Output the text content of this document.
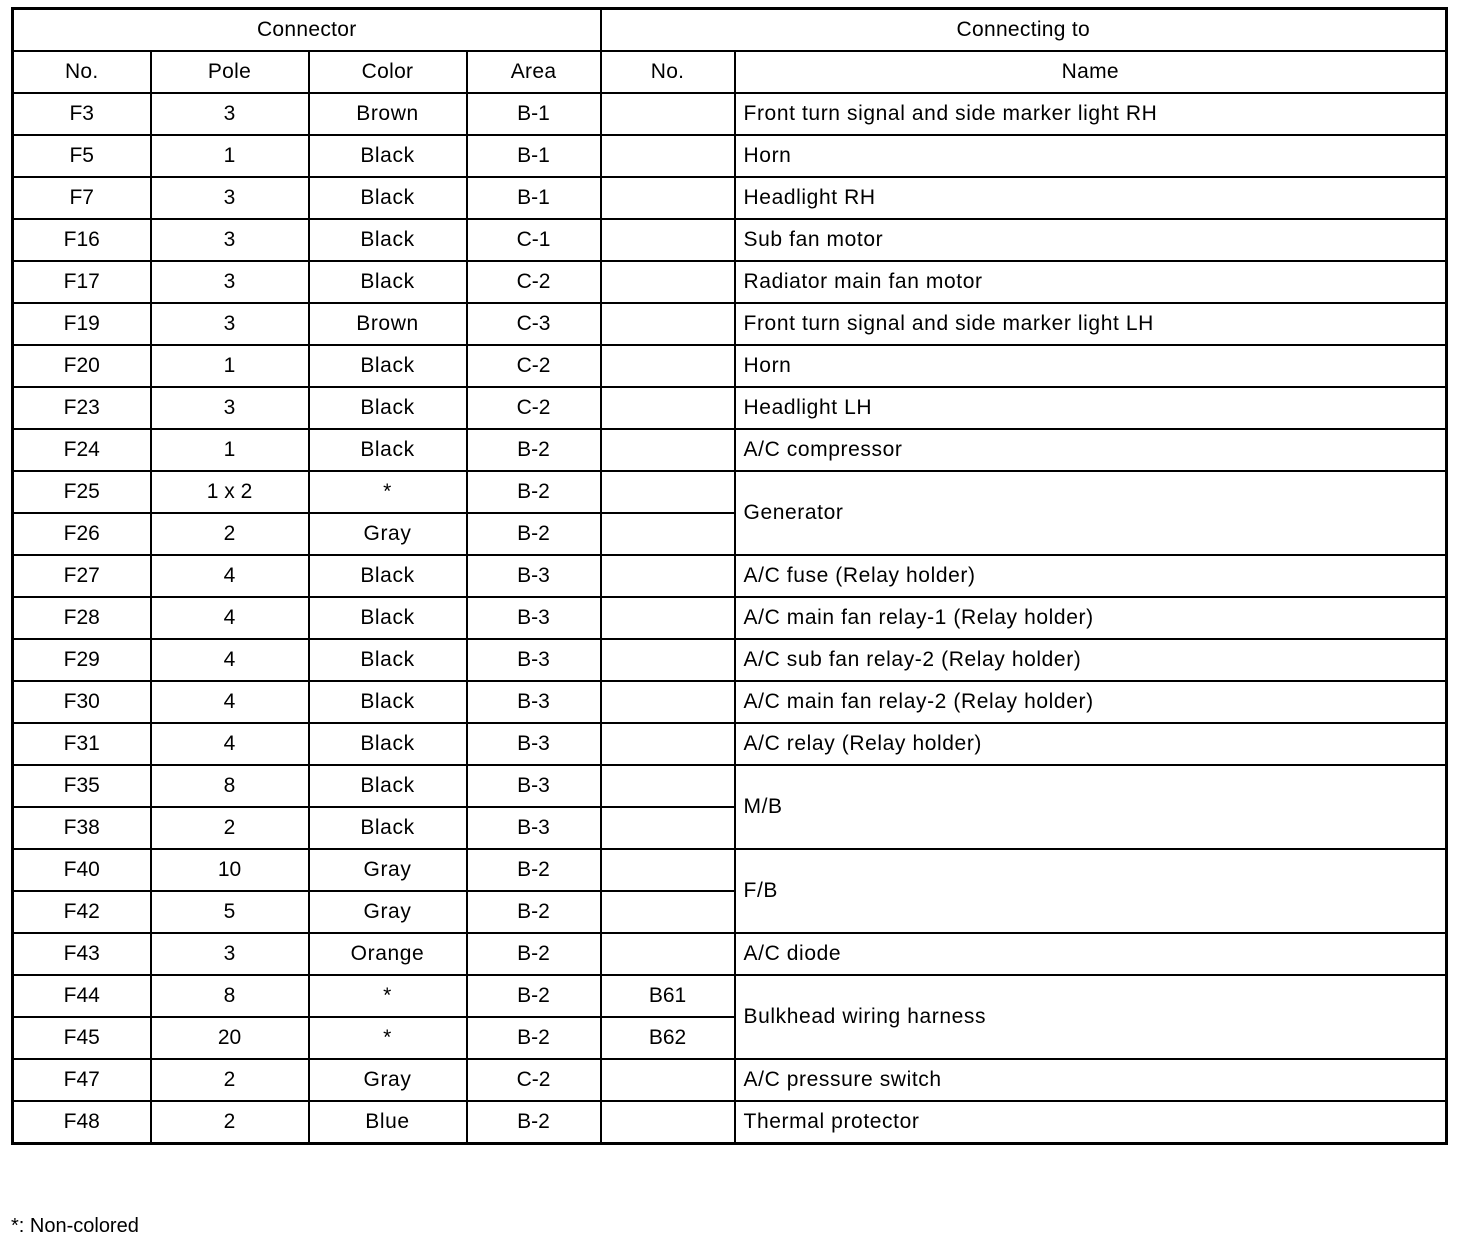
Connector				Connecting to	
No.	Pole	Color	Area	No.	Name
F3	3	Brown	B-1		Front turn signal and side marker light RH
F5	1	Black	B-1		Horn
F7	3	Black	B-1		Headlight RH
F16	3	Black	C-1		Sub fan motor
F17	3	Black	C-2		Radiator main fan motor
F19	3	Brown	C-3		Front turn signal and side marker light LH
F20	1	Black	C-2		Horn
F23	3	Black	C-2		Headlight LH
F24	1	Black	B-2		A/C compressor
F25	1 x 2	*	B-2		Generator
F26	2	Gray	B-2		
F27	4	Black	B-3		A/C fuse (Relay holder)
F28	4	Black	B-3		A/C main fan relay-1 (Relay holder)
F29	4	Black	B-3		A/C sub fan relay-2 (Relay holder)
F30	4	Black	B-3		A/C main fan relay-2 (Relay holder)
F31	4	Black	B-3		A/C relay (Relay holder)
F35	8	Black	B-3		M/B
F38	2	Black	B-3		
F40	10	Gray	B-2		F/B
F42	5	Gray	B-2		
F43	3	Orange	B-2		A/C diode
F44	8	*	B-2	B61	Bulkhead wiring harness
F45	20	*	B-2	B62	
F47	2	Gray	C-2		A/C pressure switch
F48	2	Blue	B-2		Thermal protector
*: Non-colored
